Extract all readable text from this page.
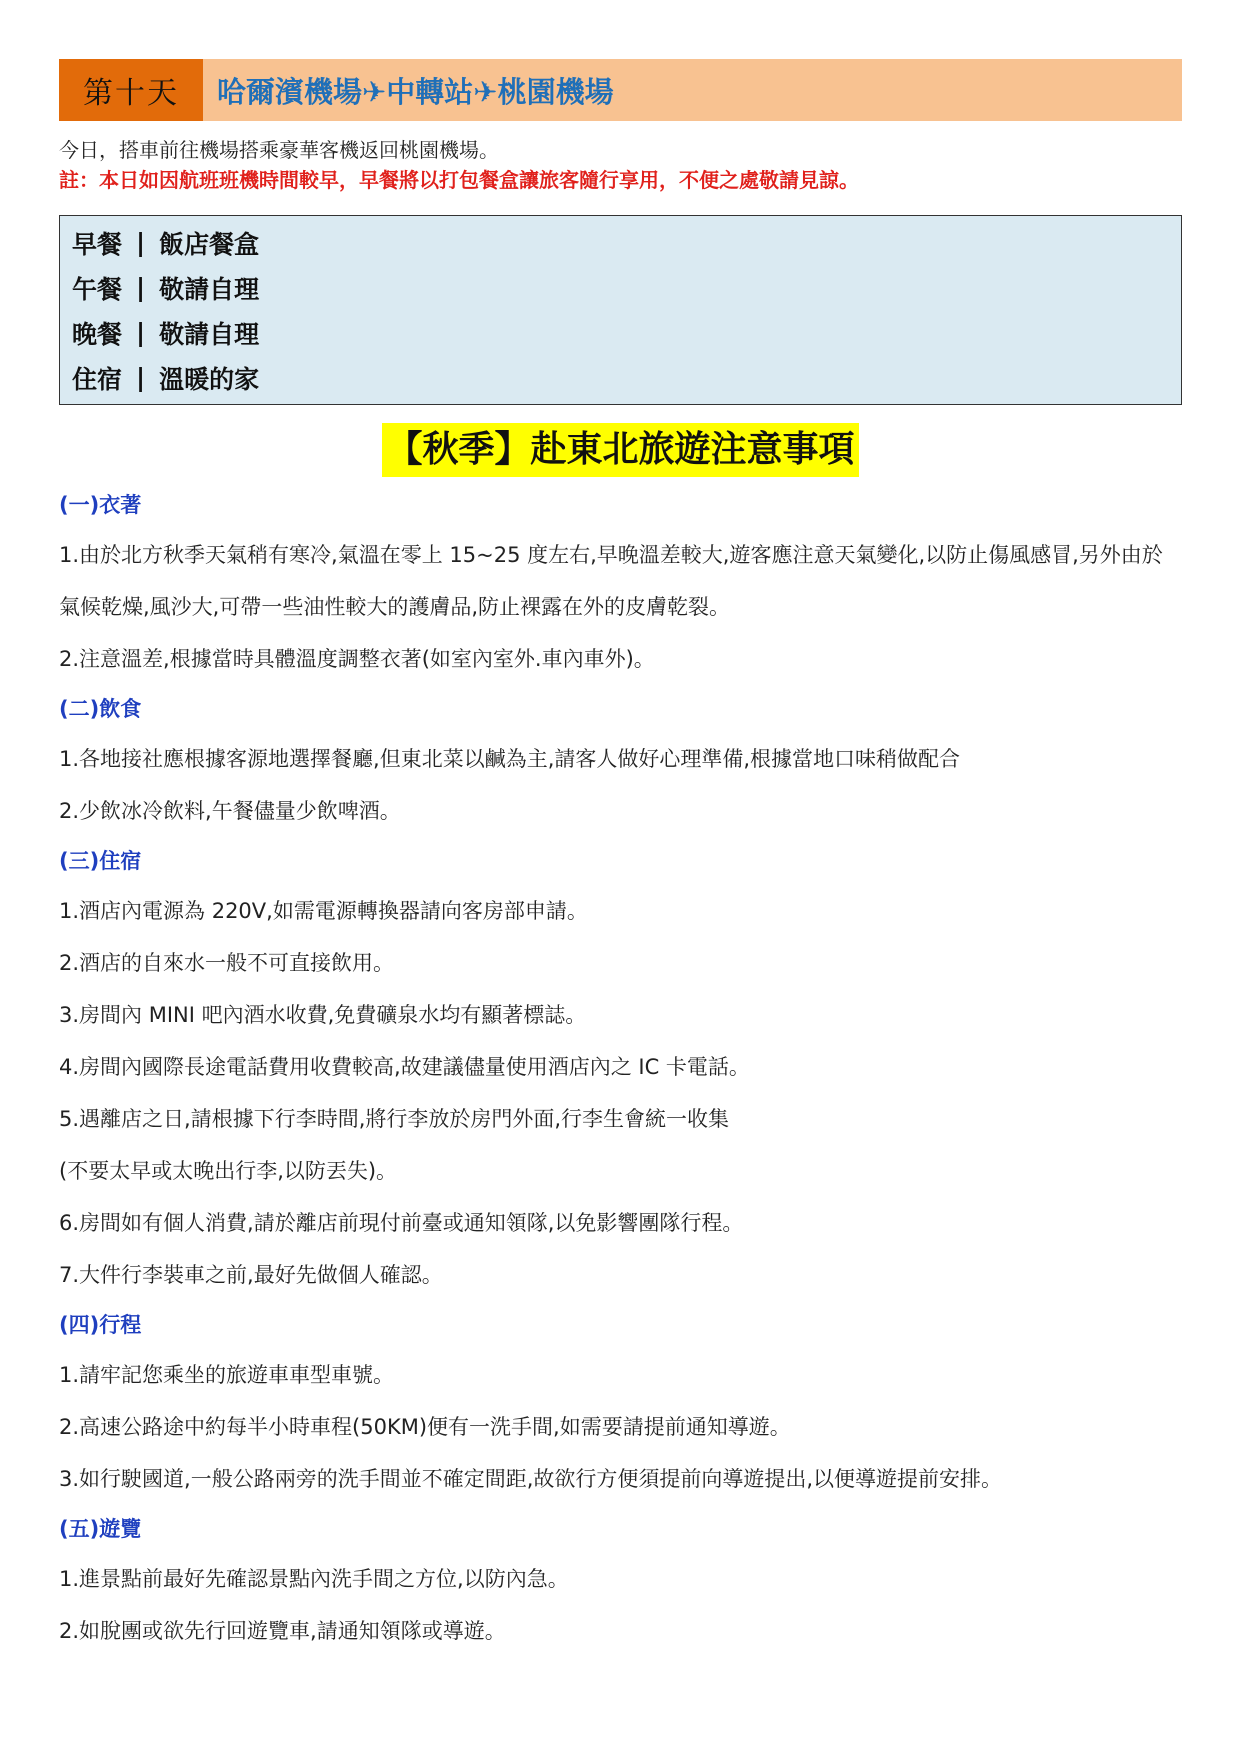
第十天	哈爾濱機場✈中轉站✈桃園機場
今日，搭車前往機場搭乘豪華客機返回桃園機場。
註：本日如因航班班機時間較早，早餐將以打包餐盒讓旅客隨行享用，不便之處敬請見諒。
早餐 | 飯店餐盒
午餐 | 敬請自理
晚餐 | 敬請自理
住宿 | 溫暖的家
【秋季】赴東北旅遊注意事項
(一)衣著
1.由於北方秋季天氣稍有寒冷,氣溫在零上 15~25 度左右,早晚溫差較大,遊客應注意天氣變化,以防止傷風感冒,另外由於氣候乾燥,風沙大,可帶一些油性較大的護膚品,防止裸露在外的皮膚乾裂。
2.注意溫差,根據當時具體溫度調整衣著(如室內室外.車內車外)。
(二)飲食
1.各地接社應根據客源地選擇餐廳,但東北菜以鹹為主,請客人做好心理準備,根據當地口味稍做配合
2.少飲冰冷飲料,午餐儘量少飲啤酒。
(三)住宿
1.酒店內電源為 220V,如需電源轉換器請向客房部申請。
2.酒店的自來水一般不可直接飲用。
3.房間內 MINI 吧內酒水收費,免費礦泉水均有顯著標誌。
4.房間內國際長途電話費用收費較高,故建議儘量使用酒店內之 IC 卡電話。
5.遇離店之日,請根據下行李時間,將行李放於房門外面,行李生會統一收集
(不要太早或太晚出行李,以防丟失)。
6.房間如有個人消費,請於離店前現付前臺或通知領隊,以免影響團隊行程。
7.大件行李裝車之前,最好先做個人確認。
(四)行程
1.請牢記您乘坐的旅遊車車型車號。
2.高速公路途中約每半小時車程(50KM)便有一洗手間,如需要請提前通知導遊。
3.如行駛國道,一般公路兩旁的洗手間並不確定間距,故欲行方便須提前向導遊提出,以便導遊提前安排。
(五)遊覽
1.進景點前最好先確認景點內洗手間之方位,以防內急。
2.如脫團或欲先行回遊覽車,請通知領隊或導遊。
